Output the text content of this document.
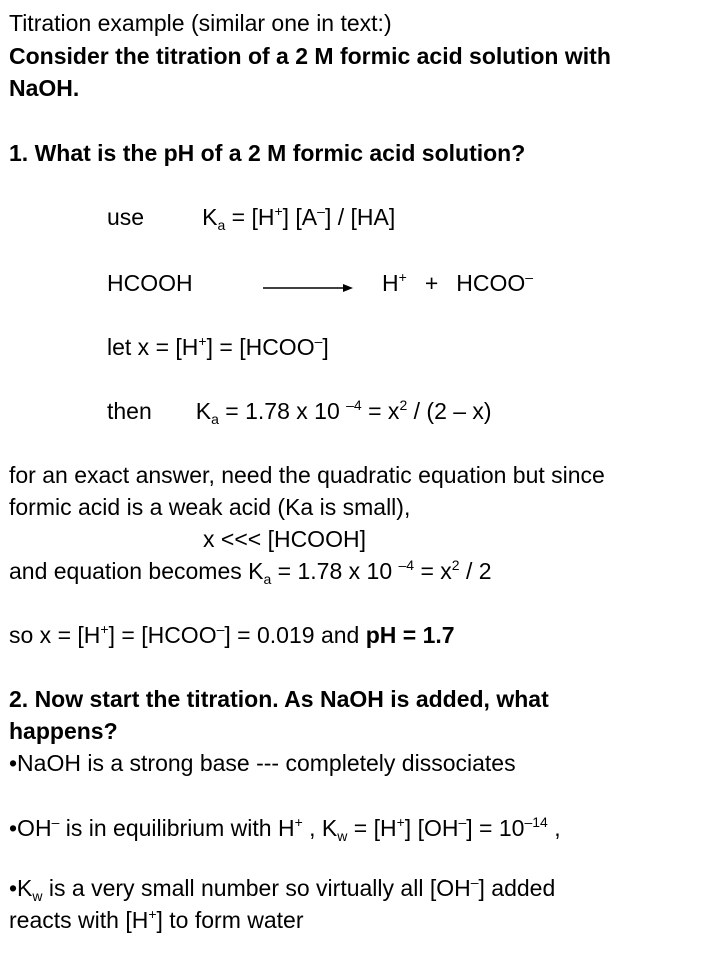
Titration example (similar one in text:)
Consider the titration of a 2 M formic acid solution with
NaOH.
1. What is the pH of a 2 M formic acid solution?
use	$K_a = [H^+]$ [A–] / [HA]
HCOOH	→ H+ + HCOO–
let x = [H+] = [HCOO–]
then $K_a = 1.78$ x 10 $^{-4} = x^2 / (2 - x)$
for an exact answer, need the quadratic equation but since
formic acid is a weak acid (Ka is small),
x <<< [HCOOH]
and equation becomes $K_a = 1.78$ x 10 $^{-4} = x^2 / 2$
so x = [H+] = [HCOO–] = 0.019 and pH = 1.7
2. Now start the titration. As NaOH is added, what
happens?
•NaOH is a strong base --- completely dissociates
•OH– is in equilibrium with H+ , $K_w = [H^+] [OH^-] = 10^{-14}$ ,
$•K_w$ is a very small number so virtually all [OH–] added
reacts with [H+] to form water
